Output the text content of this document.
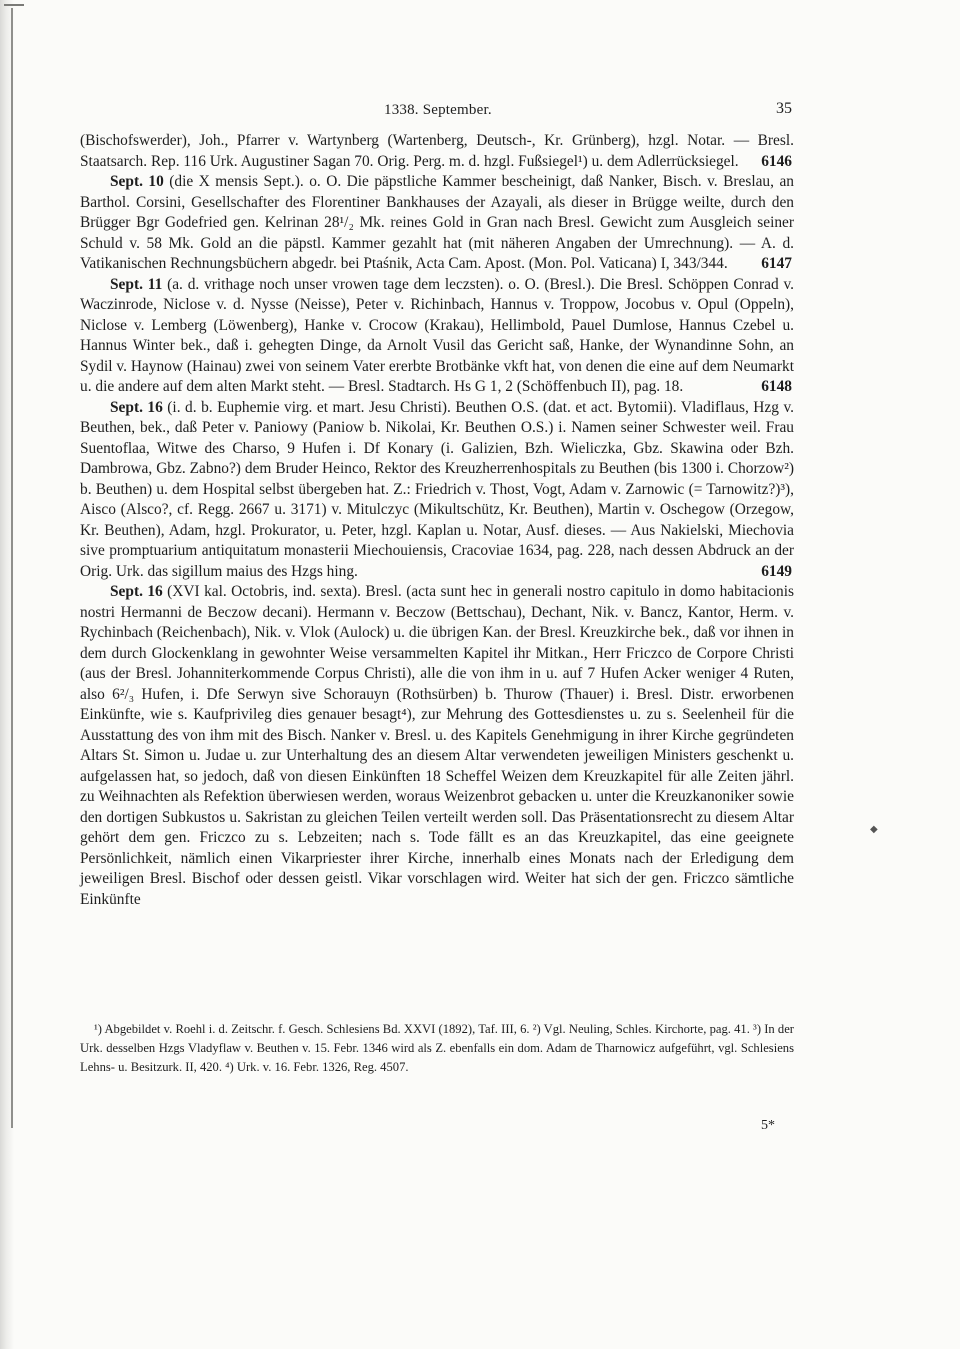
1338. September.	35
(Bischofswerder), Joh., Pfarrer v. Wartynberg (Wartenberg, Deutsch-, Kr. Grünberg), hzgl. Notar. — Bresl. Staatsarch. Rep. 116 Urk. Augustiner Sagan 70. Orig. Perg. m. d. hzgl. Fußsiegel¹) u. dem Adlerrücksiegel. 6146
Sept. 10 (die X mensis Sept.). o. O. Die päpstliche Kammer bescheinigt, daß Nanker, Bisch. v. Breslau, an Barthol. Corsini, Gesellschafter des Florentiner Bankhauses der Azayali, als dieser in Brügge weilte, durch den Brügger Bgr Godefried gen. Kelrinan 28¹/₂ Mk. reines Gold in Gran nach Bresl. Gewicht zum Ausgleich seiner Schuld v. 58 Mk. Gold an die päpstl. Kammer gezahlt hat (mit näheren Angaben der Umrechnung). — A. d. Vatikanischen Rechnungsbüchern abgedr. bei Ptaśnik, Acta Cam. Apost. (Mon. Pol. Vaticana) I, 343/344. 6147
Sept. 11 (a. d. vrithage noch unser vrowen tage dem leczsten). o. O. (Bresl.). Die Bresl. Schöppen Conrad v. Waczinrode, Niclose v. d. Nysse (Neisse), Peter v. Richinbach, Hannus v. Troppow, Jocobus v. Opul (Oppeln), Niclose v. Lemberg (Löwenberg), Hanke v. Crocow (Krakau), Hellimbold, Pauel Dumlose, Hannus Czebel u. Hannus Winter bek., daß i. gehegten Dinge, da Arnolt Vusil das Gericht saß, Hanke, der Wynandinne Sohn, an Sydil v. Haynow (Hainau) zwei von seinem Vater ererbte Brotbänke vkft hat, von denen die eine auf dem Neumarkt u. die andere auf dem alten Markt steht. — Bresl. Stadtarch. Hs G 1, 2 (Schöffenbuch II), pag. 18.	6148
Sept. 16 (i. d. b. Euphemie virg. et mart. Jesu Christi). Beuthen O.S. (dat. et act. Bytomii). Vladiflaus, Hzg v. Beuthen, bek., daß Peter v. Paniowy (Paniow b. Nikolai, Kr. Beuthen O.S.) i. Namen seiner Schwester weil. Frau Suentoflaa, Witwe des Charso, 9 Hufen i. Df Konary (i. Galizien, Bzh. Wieliczka, Gbz. Skawina oder Bzh. Dambrowa, Gbz. Zabno?) dem Bruder Heinco, Rektor des Kreuzherrenhospitals zu Beuthen (bis 1300 i. Chorzow²) b. Beuthen) u. dem Hospital selbst übergeben hat. Z.: Friedrich v. Thost, Vogt, Adam v. Zarnowic (= Tarnowitz?)³), Aisco (Alsco?, cf. Regg. 2667 u. 3171) v. Mitulczyc (Mikultschütz, Kr. Beuthen), Martin v. Oschegow (Orzegow, Kr. Beuthen), Adam, hzgl. Prokurator, u. Peter, hzgl. Kaplan u. Notar, Ausf. dieses. — Aus Nakielski, Miechovia sive promptuarium antiquitatum monasterii Miechouiensis, Cracoviae 1634, pag. 228, nach dessen Abdruck an der Orig. Urk. das sigillum maius des Hzgs hing.	6149
Sept. 16 (XVI kal. Octobris, ind. sexta). Bresl. (acta sunt hec in generali nostro capitulo in domo habitacionis nostri Hermanni de Beczow decani). Hermann v. Beczow (Bettschau), Dechant, Nik. v. Bancz, Kantor, Herm. v. Rychinbach (Reichenbach), Nik. v. Vlok (Aulock) u. die übrigen Kan. der Bresl. Kreuzkirche bek., daß vor ihnen in dem durch Glockenklang in gewohnter Weise versammelten Kapitel ihr Mitkan., Herr Friczco de Corpore Christi (aus der Bresl. Johanniterkommende Corpus Christi), alle die von ihm in u. auf 7 Hufen Acker weniger 4 Ruten, also 6²/₃ Hufen, i. Dfe Serwyn sive Schorauyn (Rothsürben) b. Thurow (Thauer) i. Bresl. Distr. erworbenen Einkünfte, wie s. Kaufprivileg dies genauer besagt⁴), zur Mehrung des Gottesdienstes u. zu s. Seelenheil für die Ausstattung des von ihm mit des Bisch. Nanker v. Bresl. u. des Kapitels Genehmigung in ihrer Kirche gegründeten Altars St. Simon u. Judae u. zur Unterhaltung des an diesem Altar verwendeten jeweiligen Ministers geschenkt u. aufgelassen hat, so jedoch, daß von diesen Einkünften 18 Scheffel Weizen dem Kreuzkapitel für alle Zeiten jährl. zu Weihnachten als Refektion überwiesen werden, woraus Weizenbrot gebacken u. unter die Kreuzkanoniker sowie den dortigen Subkustos u. Sakristan zu gleichen Teilen verteilt werden soll. Das Präsentationsrecht zu diesem Altar gehört dem gen. Friczco zu s. Lebzeiten; nach s. Tode fällt es an das Kreuzkapitel, das eine geeignete Persönlichkeit, nämlich einen Vikarpriester ihrer Kirche, innerhalb eines Monats nach der Erledigung dem jeweiligen Bresl. Bischof oder dessen geistl. Vikar vorschlagen wird. Weiter hat sich der gen. Friczco sämtliche Einkünfte
¹) Abgebildet v. Roehl i. d. Zeitschr. f. Gesch. Schlesiens Bd. XXVI (1892), Taf. III, 6. ²) Vgl. Neuling, Schles. Kirchorte, pag. 41. ³) In der Urk. desselben Hzgs Vladyflaw v. Beuthen v. 15. Febr. 1346 wird als Z. ebenfalls ein dom. Adam de Tharnowicz aufgeführt, vgl. Schlesiens Lehns- u. Besitzurk. II, 420. ⁴) Urk. v. 16. Febr. 1326, Reg. 4507.
5*
◆
